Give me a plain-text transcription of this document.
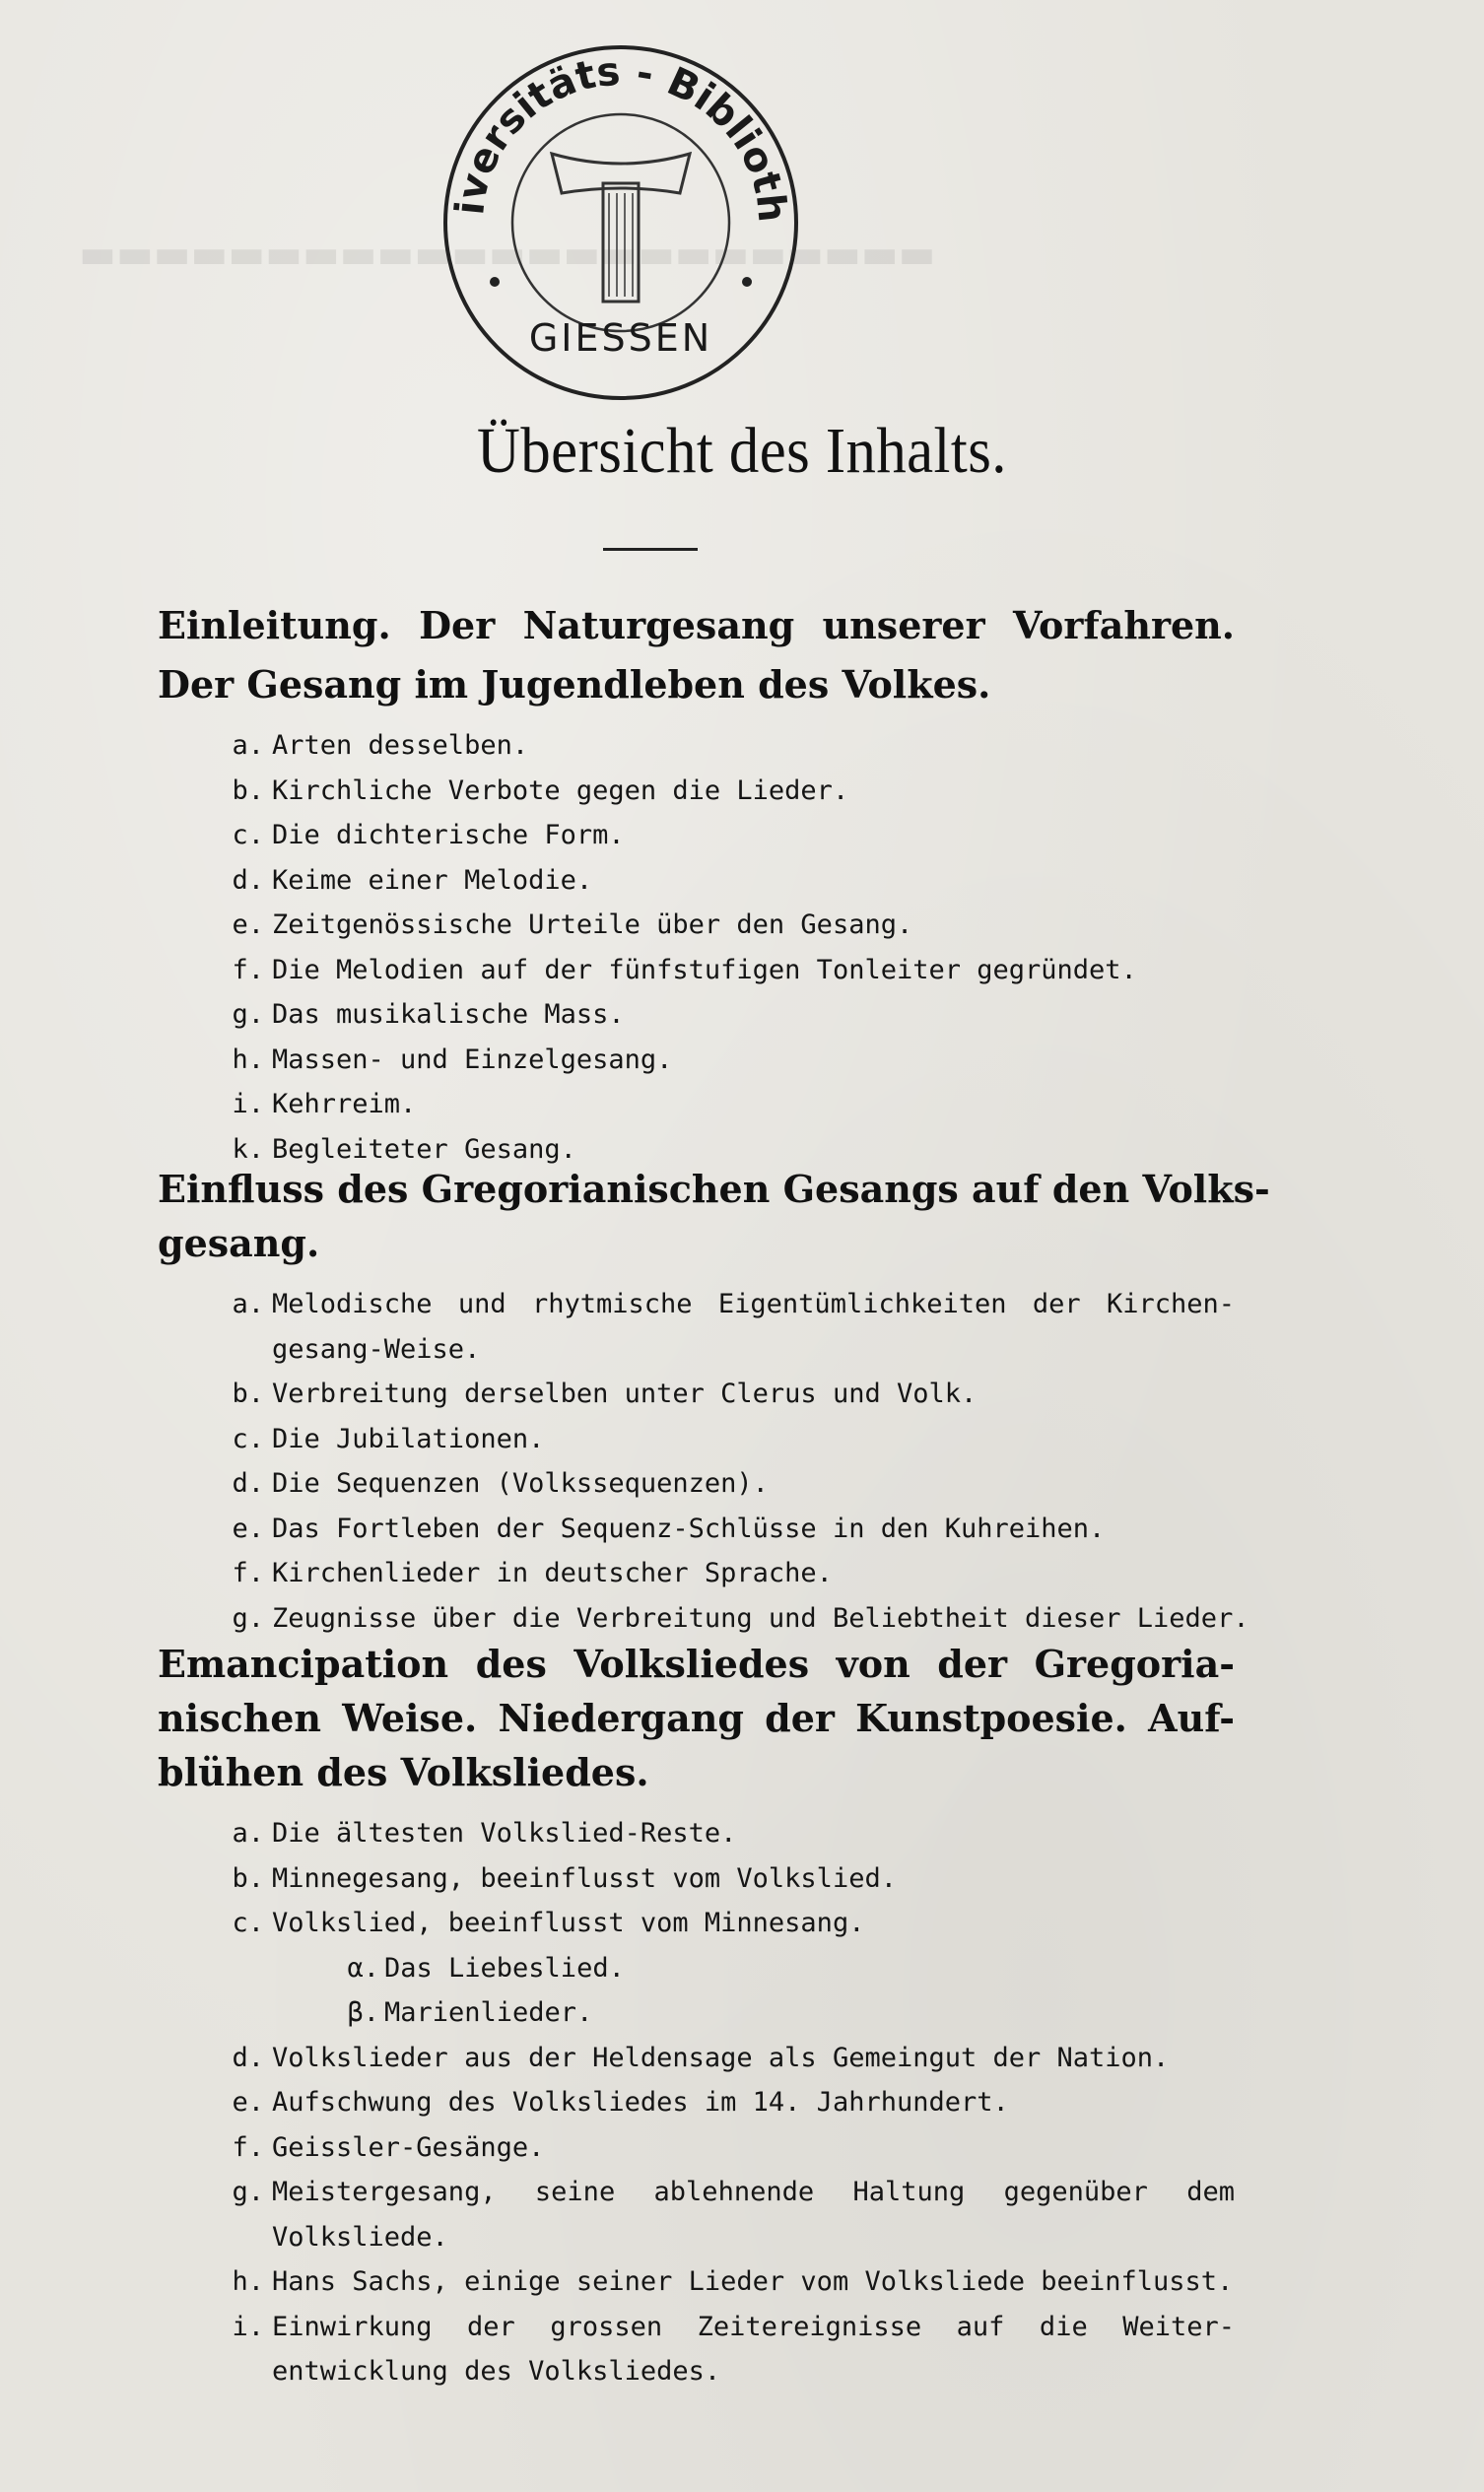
▬▬▬▬▬▬▬▬▬▬▬▬▬▬▬▬▬▬▬▬▬▬▬
iversitäts - Biblioth
GIESSEN
Übersicht des Inhalts.
Einleitung. Der Naturgesang unserer Vorfahren.
Der Gesang im Jugendleben des Volkes.
a. Arten desselben.
b. Kirchliche Verbote gegen die Lieder.
c. Die dichterische Form.
d. Keime einer Melodie.
e. Zeitgenössische Urteile über den Gesang.
f. Die Melodien auf der fünfstufigen Tonleiter gegründet.
g. Das musikalische Mass.
h. Massen- und Einzelgesang.
i. Kehrreim.
k. Begleiteter Gesang.
Einfluss des Gregorianischen Gesangs auf den Volks-
gesang.
a. Melodische und rhytmische Eigentümlichkeiten der Kirchen-
gesang-Weise.
b. Verbreitung derselben unter Clerus und Volk.
c. Die Jubilationen.
d. Die Sequenzen (Volkssequenzen).
e. Das Fortleben der Sequenz-Schlüsse in den Kuhreihen.
f. Kirchenlieder in deutscher Sprache.
g. Zeugnisse über die Verbreitung und Beliebtheit dieser Lieder.
Emancipation des Volksliedes von der Gregoria-
nischen Weise. Niedergang der Kunstpoesie. Auf-
blühen des Volksliedes.
a. Die ältesten Volkslied-Reste.
b. Minnegesang, beeinflusst vom Volkslied.
c. Volkslied, beeinflusst vom Minnesang.
α. Das Liebeslied.
β. Marienlieder.
d. Volkslieder aus der Heldensage als Gemeingut der Nation.
e. Aufschwung des Volksliedes im 14. Jahrhundert.
f. Geissler-Gesänge.
g. Meistergesang, seine ablehnende Haltung gegenüber dem
Volksliede.
h. Hans Sachs, einige seiner Lieder vom Volksliede beeinflusst.
i. Einwirkung der grossen Zeitereignisse auf die Weiter-
entwicklung des Volksliedes.
